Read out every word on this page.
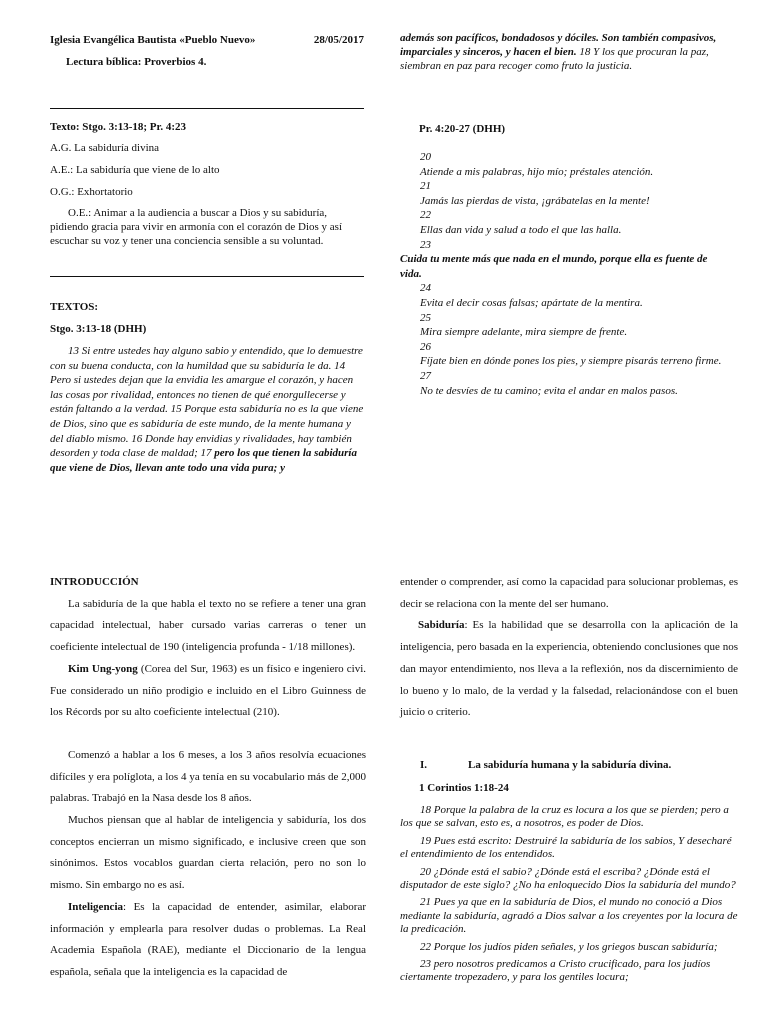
Iglesia Evangélica Bautista «Pueblo Nuevo»	28/05/2017
Lectura bíblica: Proverbios 4.
Texto: Stgo. 3:13-18; Pr. 4:23
A.G. La sabiduría divina
A.E.: La sabiduría que viene de lo alto
O.G.: Exhortatorio
O.E.: Animar a la audiencia a buscar a Dios y su sabiduría, pidiendo gracia para vivir en armonía con el corazón de Dios y así escuchar su voz y tener una conciencia sensible a su voluntad.
TEXTOS:
Stgo. 3:13-18 (DHH)
13 Si entre ustedes hay alguno sabio y entendido, que lo demuestre con su buena conducta, con la humildad que su sabiduría le da. 14 Pero si ustedes dejan que la envidia les amargue el corazón, y hacen las cosas por rivalidad, entonces no tienen de qué enorgullecerse y están faltando a la verdad. 15 Porque esta sabiduría no es la que viene de Dios, sino que es sabiduría de este mundo, de la mente humana y del diablo mismo. 16 Donde hay envidias y rivalidades, hay también desorden y toda clase de maldad; 17 pero los que tienen la sabiduría que viene de Dios, llevan ante todo una vida pura; y
además son pacíficos, bondadosos y dóciles. Son también compasivos, imparciales y sinceros, y hacen el bien. 18 Y los que procuran la paz, siembran en paz para recoger como fruto la justicia.
Pr. 4:20-27 (DHH)
20
Atiende a mis palabras, hijo mío; préstales atención.
21
Jamás las pierdas de vista, ¡grábatelas en la mente!
22
Ellas dan vida y salud a todo el que las halla.
23
Cuida tu mente más que nada en el mundo, porque ella es fuente de vida.
24
Evita el decir cosas falsas; apártate de la mentira.
25
Mira siempre adelante, mira siempre de frente.
26
Fíjate bien en dónde pones los pies, y siempre pisarás terreno firme.
27
No te desvíes de tu camino; evita el andar en malos pasos.
INTRODUCCIÓN
La sabiduría de la que habla el texto no se refiere a tener una gran capacidad intelectual, haber cursado varias carreras o tener un coeficiente intelectual de 190 (inteligencia profunda - 1/18 millones).
Kim Ung-yong (Corea del Sur, 1963) es un físico e ingeniero civi. Fue considerado un niño prodigio e incluido en el Libro Guinness de los Récords por su alto coeficiente intelectual (210).
Comenzó a hablar a los 6 meses, a los 3 años resolvía ecuaciones difíciles y era políglota, a los 4 ya tenía en su vocabulario más de 2,000 palabras. Trabajó en la Nasa desde los 8 años.
Muchos piensan que al hablar de inteligencia y sabiduría, los dos conceptos encierran un mismo significado, e inclusive creen que son sinónimos. Estos vocablos guardan cierta relación, pero no son lo mismo. Sin embargo no es así.
Inteligencia: Es la capacidad de entender, asimilar, elaborar información y emplearla para resolver dudas o problemas. La Real Academia Española (RAE), mediante el Diccionario de la lengua española, señala que la inteligencia es la capacidad de
entender o comprender, así como la capacidad para solucionar problemas, es decir se relaciona con la mente del ser humano.
Sabiduría: Es la habilidad que se desarrolla con la aplicación de la inteligencia, pero basada en la experiencia, obteniendo conclusiones que nos dan mayor entendimiento, nos lleva a la reflexión, nos da discernimiento de lo bueno y lo malo, de la verdad y la falsedad, relacionándose con el buen juicio o criterio.
I.	La sabiduría humana y la sabiduría divina.
1 Corintios 1:18-24
18 Porque la palabra de la cruz es locura a los que se pierden; pero a los que se salvan, esto es, a nosotros, es poder de Dios.
19 Pues está escrito: Destruiré la sabiduría de los sabios, Y desecharé el entendimiento de los entendidos.
20 ¿Dónde está el sabio? ¿Dónde está el escriba? ¿Dónde está el disputador de este siglo? ¿No ha enloquecido Dios la sabiduría del mundo?
21 Pues ya que en la sabiduría de Dios, el mundo no conoció a Dios mediante la sabiduría, agradó a Dios salvar a los creyentes por la locura de la predicación.
22 Porque los judíos piden señales, y los griegos buscan sabiduría;
23 pero nosotros predicamos a Cristo crucificado, para los judíos ciertamente tropezadero, y para los gentiles locura;
